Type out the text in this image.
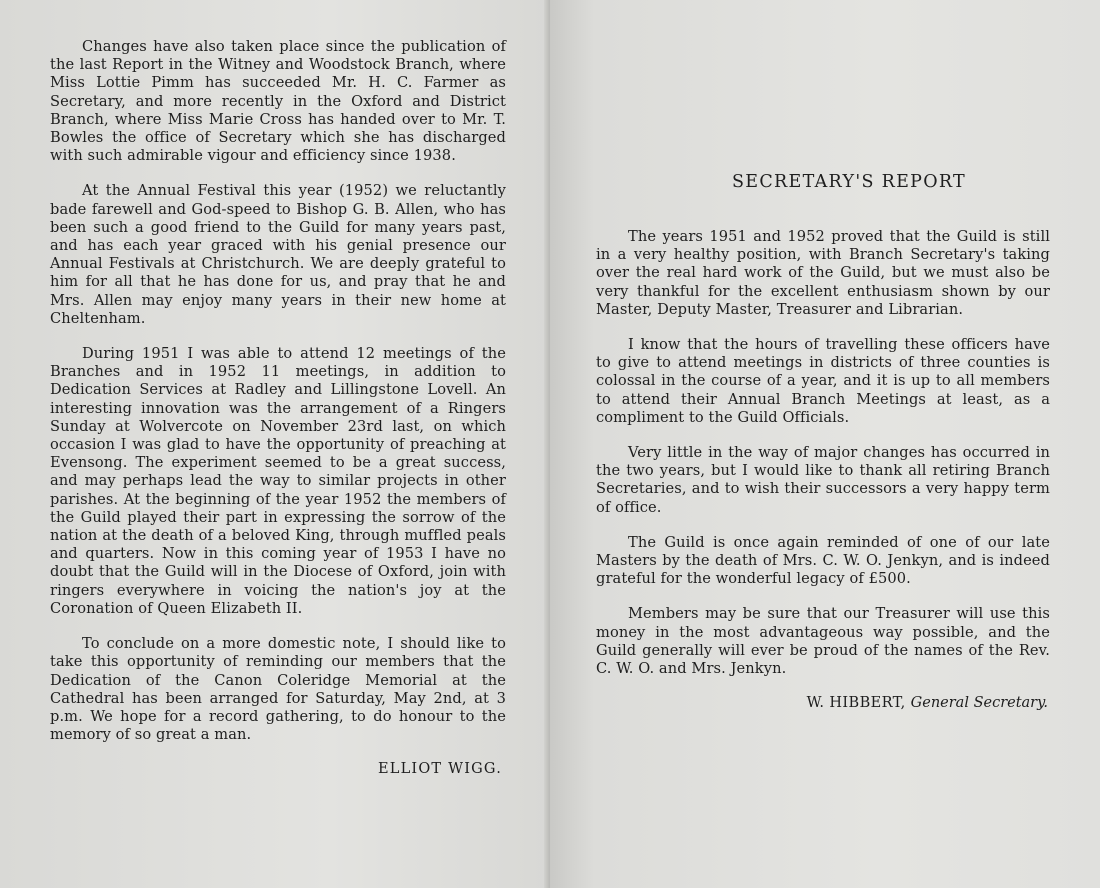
Changes have also taken place since the publication of the last Report in the Witney and Woodstock Branch, where Miss Lottie Pimm has succeeded Mr. H. C. Farmer as Secretary, and more recently in the Oxford and District Branch, where Miss Marie Cross has handed over to Mr. T. Bowles the office of Secretary which she has discharged with such admirable vigour and efficiency since 1938.

At the Annual Festival this year (1952) we reluctantly bade farewell and God-speed to Bishop G. B. Allen, who has been such a good friend to the Guild for many years past, and has each year graced with his genial presence our Annual Festivals at Christchurch. We are deeply grateful to him for all that he has done for us, and pray that he and Mrs. Allen may enjoy many years in their new home at Cheltenham.

During 1951 I was able to attend 12 meetings of the Branches and in 1952 11 meetings, in addition to Dedication Services at Radley and Lillingstone Lovell. An interesting innovation was the arrangement of a Ringers Sunday at Wolvercote on November 23rd last, on which occasion I was glad to have the opportunity of preaching at Evensong. The experiment seemed to be a great success, and may perhaps lead the way to similar projects in other parishes. At the beginning of the year 1952 the members of the Guild played their part in expressing the sorrow of the nation at the death of a beloved King, through muffled peals and quarters. Now in this coming year of 1953 I have no doubt that the Guild will in the Diocese of Oxford, join with ringers everywhere in voicing the nation's joy at the Coronation of Queen Elizabeth II.

To conclude on a more domestic note, I should like to take this opportunity of reminding our members that the Dedication of the Canon Coleridge Memorial at the Cathedral has been arranged for Saturday, May 2nd, at 3 p.m. We hope for a record gathering, to do honour to the memory of so great a man.

ELLIOT WIGG.
SECRETARY'S REPORT

The years 1951 and 1952 proved that the Guild is still in a very healthy position, with Branch Secretary's taking over the real hard work of the Guild, but we must also be very thankful for the excellent enthusiasm shown by our Master, Deputy Master, Treasurer and Librarian.

I know that the hours of travelling these officers have to give to attend meetings in districts of three counties is colossal in the course of a year, and it is up to all members to attend their Annual Branch Meetings at least, as a compliment to the Guild Officials.

Very little in the way of major changes has occurred in the two years, but I would like to thank all retiring Branch Secretaries, and to wish their successors a very happy term of office.

The Guild is once again reminded of one of our late Masters by the death of Mrs. C. W. O. Jenkyn, and is indeed grateful for the wonderful legacy of £500.

Members may be sure that our Treasurer will use this money in the most advantageous way possible, and the Guild generally will ever be proud of the names of the Rev. C. W. O. and Mrs. Jenkyn.

W. HIBBERT, General Secretary.
